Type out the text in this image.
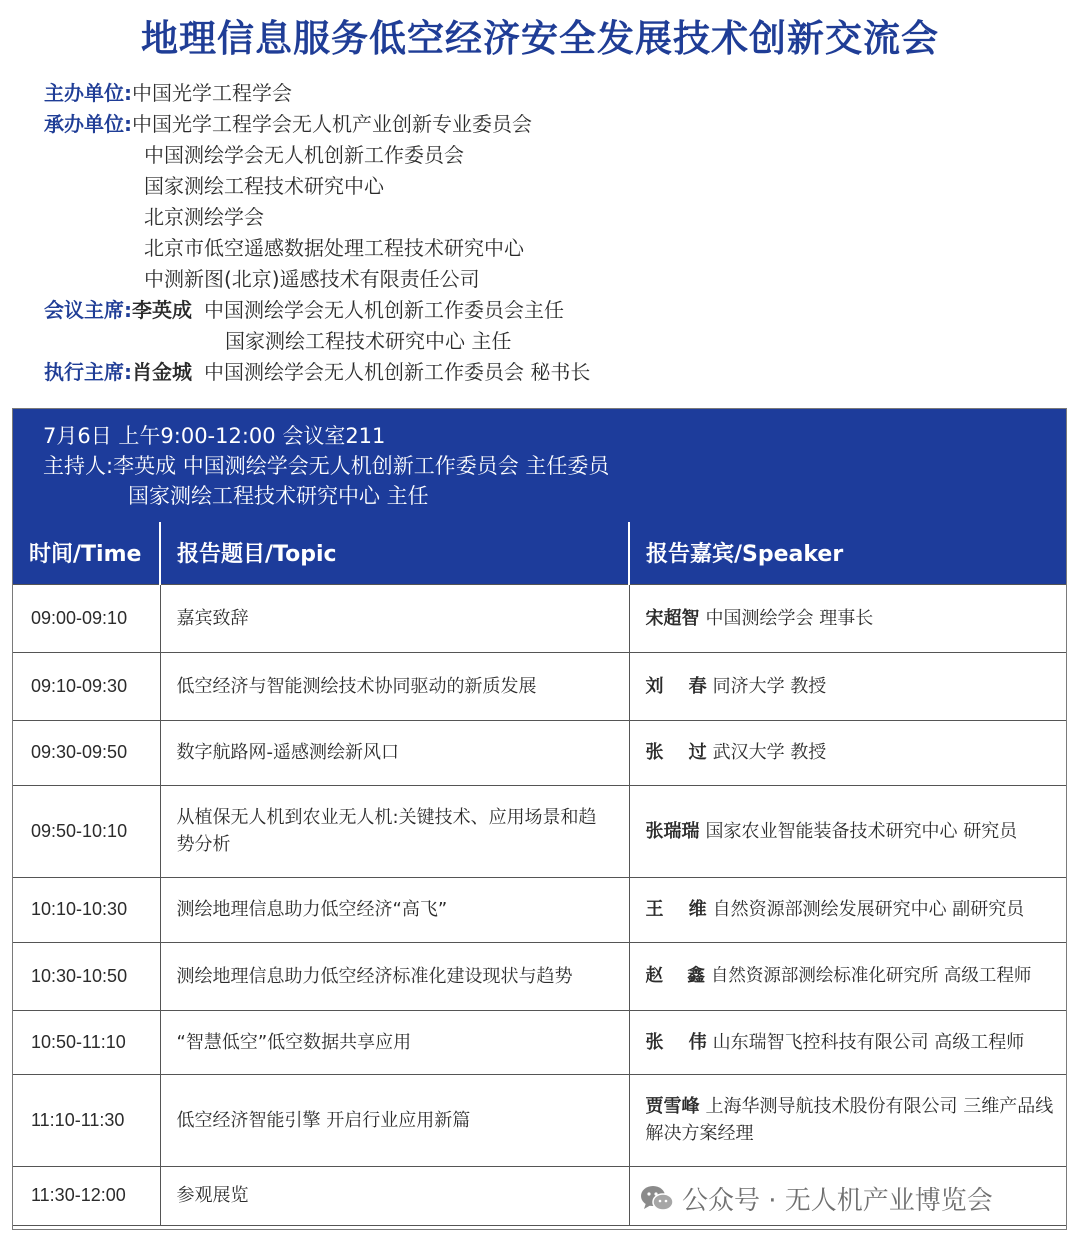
地理信息服务低空经济安全发展技术创新交流会
主办单位: 中国光学工程学会
承办单位: 中国光学工程学会无人机产业创新专业委员会
中国测绘学会无人机创新工作委员会
国家测绘工程技术研究中心
北京测绘学会
北京市低空遥感数据处理工程技术研究中心
中测新图(北京)遥感技术有限责任公司
会议主席: 李英成 中国测绘学会无人机创新工作委员会主任
国家测绘工程技术研究中心 主任
执行主席: 肖金城 中国测绘学会无人机创新工作委员会 秘书长
7月6日 上午9:00-12:00 会议室211
主持人:李英成 中国测绘学会无人机创新工作委员会 主任委员
国家测绘工程技术研究中心 主任
时间/Time	报告题目/Topic	报告嘉宾/Speaker
09:00-09:10	嘉宾致辞	宋超智 中国测绘学会 理事长
09:10-09:30	低空经济与智能测绘技术协同驱动的新质发展	刘    春 同济大学 教授
09:30-09:50	数字航路网-遥感测绘新风口	张    过 武汉大学 教授
09:50-10:10	从植保无人机到农业无人机:关键技术、应用场景和趋势分析	张瑞瑞 国家农业智能装备技术研究中心 研究员
10:10-10:30	测绘地理信息助力低空经济“高飞”	王    维 自然资源部测绘发展研究中心 副研究员
10:30-10:50	测绘地理信息助力低空经济标准化建设现状与趋势	赵    鑫 自然资源部测绘标准化研究所 高级工程师
10:50-11:10	“智慧低空”低空数据共享应用	张    伟 山东瑞智飞控科技有限公司 高级工程师
11:10-11:30	低空经济智能引擎 开启行业应用新篇	贾雪峰 上海华测导航技术股份有限公司 三维产品线解决方案经理
11:30-12:00	参观展览		公众号 · 无人机产业博览会
